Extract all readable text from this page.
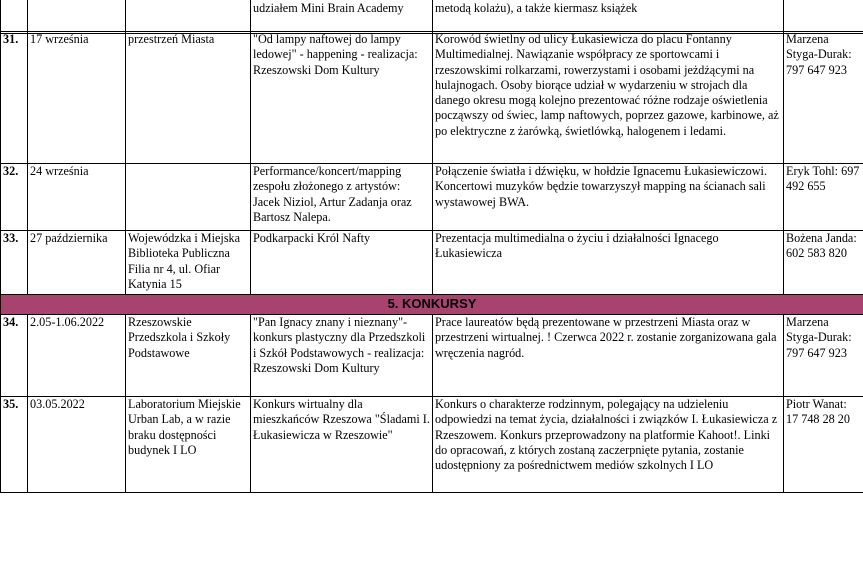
			udziałem Mini Brain Academy	metodą kolażu), a także kiermasz książek	
31.	17 września	przestrzeń Miasta	"Od lampy naftowej do lampy ledowej" - happening - realizacja: Rzeszowski Dom Kultury	Korowód świetlny od ulicy Łukasiewicza do placu Fontanny Multimedialnej. Nawiązanie współpracy ze sportowcami i rzeszowskimi rolkarzami, rowerzystami i osobami jeżdżącymi na hulajnogach. Osoby biorące udział w wydarzeniu w strojach dla danego okresu mogą kolejno prezentować różne rodzaje oświetlenia począwszy od świec, lamp naftowych, poprzez gazowe, karbinowe, aż po elektryczne z żarówką, świetlówką, halogenem i ledami.	Marzena Styga-Durak: 797 647 923
32.	24 września		Performance/koncert/mapping zespołu złożonego z artystów: Jacek Niziol, Artur Zadanja oraz Bartosz Nalepa.	Połączenie światła i dźwięku, w hołdzie Ignacemu Łukasiewiczowi. Koncertowi muzyków będzie towarzyszył mapping na ścianach sali wystawowej BWA.	Eryk Tohl: 697 492 655
33.	27 października	Wojewódzka i Miejska Biblioteka Publiczna Filia nr 4, ul. Ofiar Katynia 15	Podkarpacki Król Nafty	Prezentacja multimedialna o życiu i działalności Ignacego Łukasiewicza	Bożena Janda: 602 583 820
5. KONKURSY					
34.	2.05-1.06.2022	Rzeszowskie Przedszkola i Szkoły Podstawowe	"Pan Ignacy znany i nieznany"- konkurs plastyczny dla Przedszkoli i Szkół Podstawowych - realizacja: Rzeszowski Dom Kultury	Prace laureatów będą prezentowane w przestrzeni Miasta oraz w przestrzeni wirtualnej. ! Czerwca 2022 r. zostanie zorganizowana gala wręczenia nagród.	Marzena Styga-Durak: 797 647 923
35.	03.05.2022	Laboratorium Miejskie Urban Lab, a w razie braku dostępności budynek I LO	Konkurs wirtualny dla mieszkańców Rzeszowa "Śladami I. Łukasiewicza w Rzeszowie"	Konkurs o charakterze rodzinnym, polegający na udzieleniu odpowiedzi na temat życia, działalności i związków I. Łukasiewicza z Rzeszowem. Konkurs przeprowadzony na platformie Kahoot!. Linki do opracowań, z których zostaną zaczerpnięte pytania, zostanie udostępniony za pośrednictwem mediów szkolnych I LO	Piotr Wanat: 17 748 28 20
